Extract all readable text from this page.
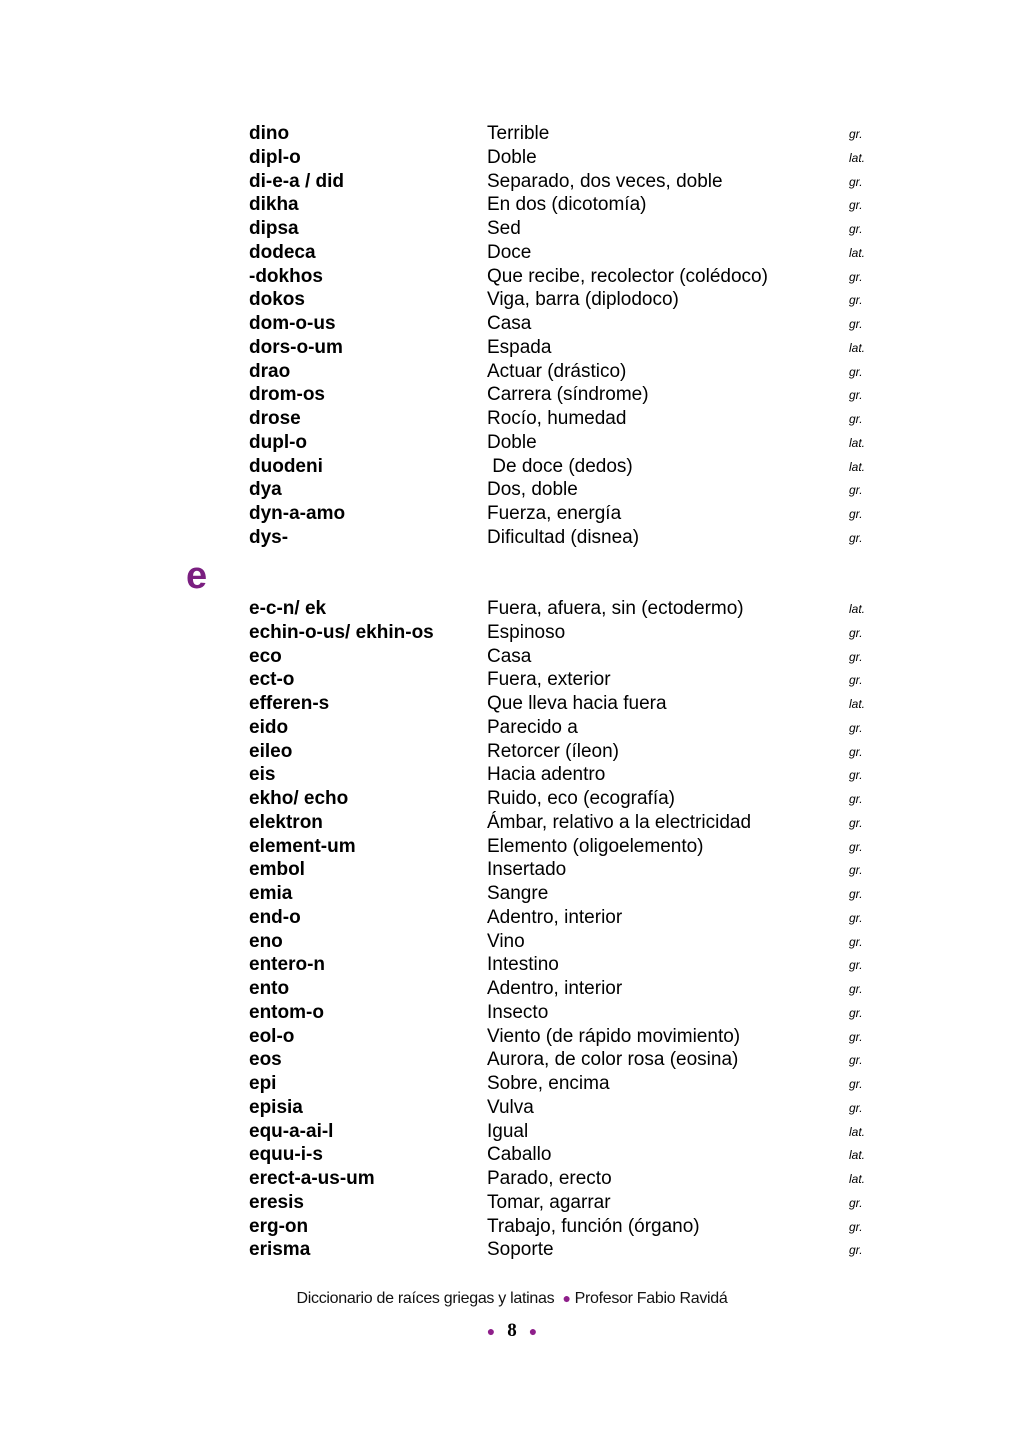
dino	Terrible	gr.
dipl-o	Doble	lat.
di-e-a / did	Separado, dos veces, doble	gr.
dikha	En dos (dicotomía)	gr.
dipsa	Sed	gr.
dodeca	Doce	lat.
-dokhos	Que recibe, recolector (colédoco)	gr.
dokos	Viga, barra (diplodoco)	gr.
dom-o-us	Casa	gr.
dors-o-um	Espada	lat.
drao	Actuar (drástico)	gr.
drom-os	Carrera (síndrome)	gr.
drose	Rocío, humedad	gr.
dupl-o	Doble	lat.
duodeni	De doce (dedos)	lat.
dya	Dos, doble	gr.
dyn-a-amo	Fuerza, energía	gr.
dys-	Dificultad (disnea)	gr.
e
e-c-n/ ek	Fuera, afuera, sin (ectodermo)	lat.
echin-o-us/ ekhin-os	Espinoso	gr.
eco	Casa	gr.
ect-o	Fuera, exterior	gr.
efferen-s	Que lleva hacia fuera	lat.
eido	Parecido a	gr.
eileo	Retorcer (íleon)	gr.
eis	Hacia adentro	gr.
ekho/ echo	Ruido, eco (ecografía)	gr.
elektron	Ámbar, relativo a la electricidad	gr.
element-um	Elemento (oligoelemento)	gr.
embol	Insertado	gr.
emia	Sangre	gr.
end-o	Adentro, interior	gr.
eno	Vino	gr.
entero-n	Intestino	gr.
ento	Adentro, interior	gr.
entom-o	Insecto	gr.
eol-o	Viento (de rápido movimiento)	gr.
eos	Aurora, de color rosa (eosina)	gr.
epi	Sobre, encima	gr.
episia	Vulva	gr.
equ-a-ai-l	Igual	lat.
equu-i-s	Caballo	lat.
erect-a-us-um	Parado, erecto	lat.
eresis	Tomar, agarrar	gr.
erg-on	Trabajo, función (órgano)	gr.
erisma	Soporte	gr.
Diccionario de raíces griegas y latinas ● Profesor Fabio Ravidá
● 8 ●
